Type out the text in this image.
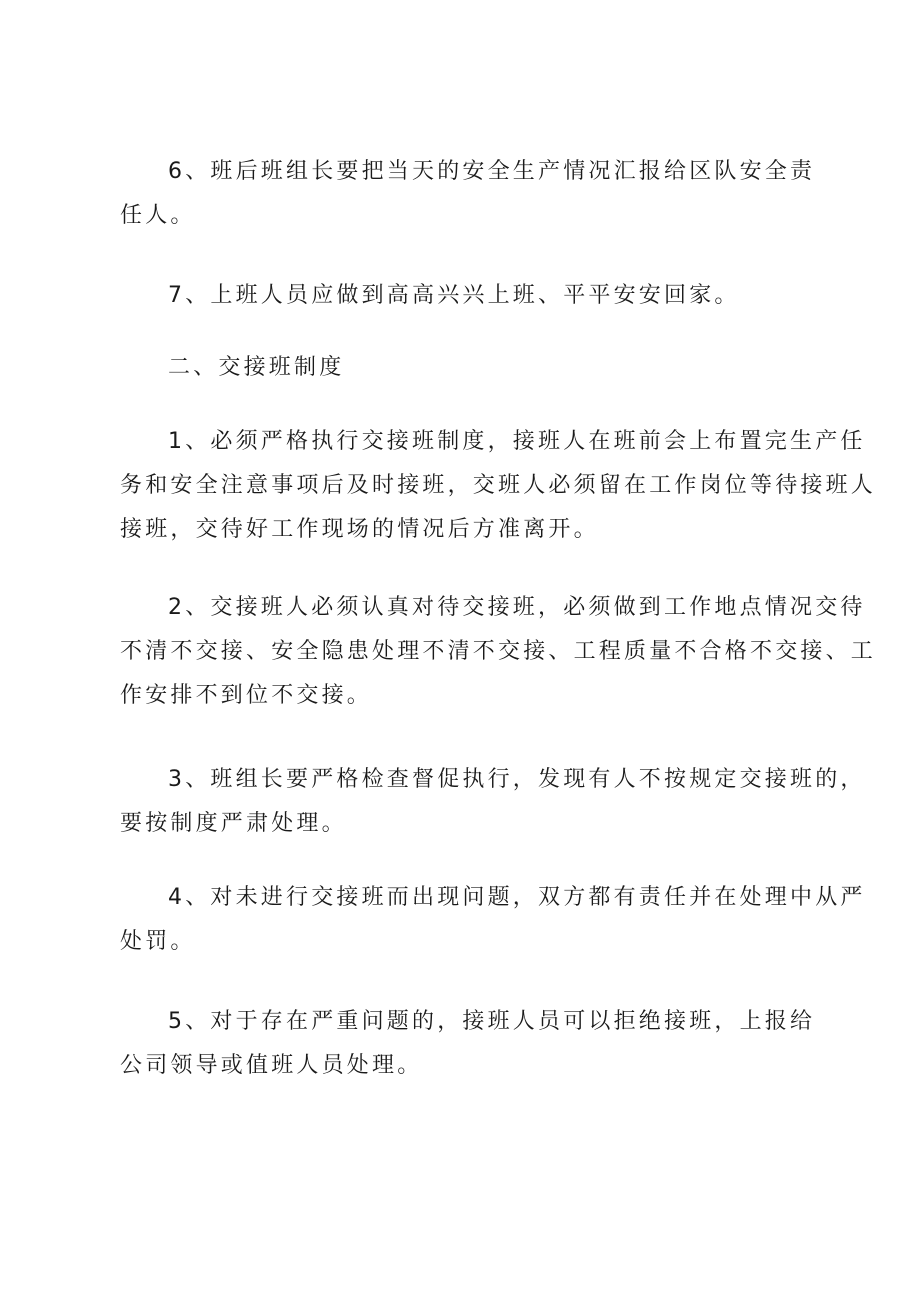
6、班后班组长要把当天的安全生产情况汇报给区队安全责
任人。

7、上班人员应做到高高兴兴上班、平平安安回家。

二、交接班制度

1、必须严格执行交接班制度，接班人在班前会上布置完生产任
务和安全注意事项后及时接班，交班人必须留在工作岗位等待接班人
接班，交待好工作现场的情况后方准离开。

2、交接班人必须认真对待交接班，必须做到工作地点情况交待
不清不交接、安全隐患处理不清不交接、工程质量不合格不交接、工
作安排不到位不交接。

3、班组长要严格检查督促执行，发现有人不按规定交接班的，
要按制度严肃处理。

4、对未进行交接班而出现问题，双方都有责任并在处理中从严
处罚。

5、对于存在严重问题的，接班人员可以拒绝接班，上报给
公司领导或值班人员处理。
